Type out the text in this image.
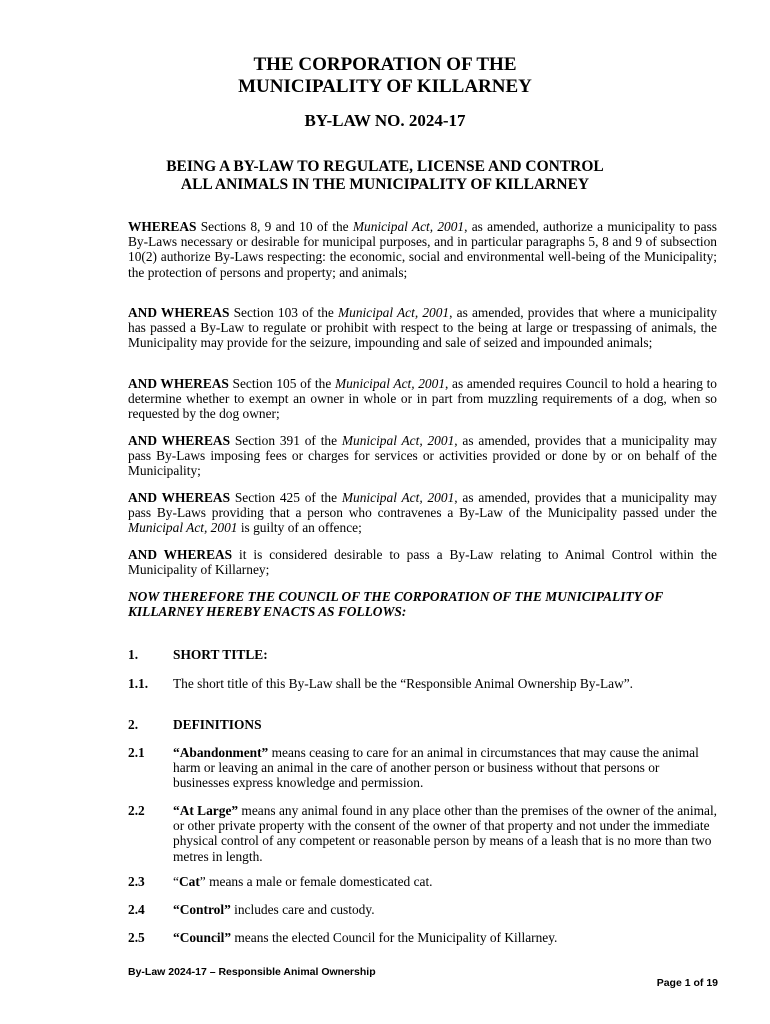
THE CORPORATION OF THE

MUNICIPALITY OF KILLARNEY

BY-LAW NO. 2024-17

BEING A BY-LAW TO REGULATE, LICENSE AND CONTROL

ALL ANIMALS IN THE MUNICIPALITY OF KILLARNEY

WHEREAS Sections 8, 9 and 10 of the Municipal Act, 2001, as amended, authorize a municipality to pass By-Laws necessary or desirable for municipal purposes, and in particular paragraphs 5, 8 and 9 of subsection 10(2) authorize By-Laws respecting: the economic, social and environmental well-being of the Municipality; the protection of persons and property; and animals;

AND WHEREAS Section 103 of the Municipal Act, 2001, as amended, provides that where a municipality has passed a By-Law to regulate or prohibit with respect to the being at large or trespassing of animals, the Municipality may provide for the seizure, impounding and sale of seized and impounded animals;

AND WHEREAS Section 105 of the Municipal Act, 2001, as amended requires Council to hold a hearing to determine whether to exempt an owner in whole or in part from muzzling requirements of a dog, when so requested by the dog owner;

AND WHEREAS Section 391 of the Municipal Act, 2001, as amended, provides that a municipality may pass By-Laws imposing fees or charges for services or activities provided or done by or on behalf of the Municipality;

AND WHEREAS Section 425 of the Municipal Act, 2001, as amended, provides that a municipality may pass By-Laws providing that a person who contravenes a By-Law of the Municipality passed under the Municipal Act, 2001 is guilty of an offence;

AND WHEREAS it is considered desirable to pass a By-Law relating to Animal Control within the Municipality of Killarney;

NOW THEREFORE THE COUNCIL OF THE CORPORATION OF THE MUNICIPALITY OF KILLARNEY HEREBY ENACTS AS FOLLOWS:

1.	SHORT TITLE:

1.1. The short title of this By-Law shall be the “Responsible Animal Ownership By-Law”.

2.	DEFINITIONS

2.1 “Abandonment” means ceasing to care for an animal in circumstances that may cause the animal harm or leaving an animal in the care of another person or business without that persons or businesses express knowledge and permission.

2.2 “At Large” means any animal found in any place other than the premises of the owner of the animal, or other private property with the consent of the owner of that property and not under the immediate physical control of any competent or reasonable person by means of a leash that is no more than two metres in length.

2.3 “Cat” means a male or female domesticated cat.

2.4 “Control” includes care and custody.

2.5 “Council” means the elected Council for the Municipality of Killarney.

By-Law 2024-17 – Responsible Animal Ownership
Page 1 of 19
